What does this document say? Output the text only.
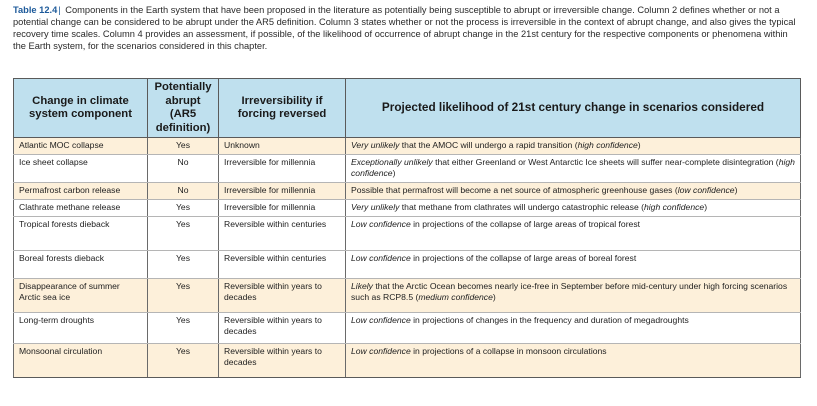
Table 12.4| Components in the Earth system that have been proposed in the literature as potentially being susceptible to abrupt or irreversible change. Column 2 defines whether or not a potential change can be considered to be abrupt under the AR5 definition. Column 3 states whether or not the process is irreversible in the context of abrupt change, and also gives the typical recovery time scales. Column 4 provides an assessment, if possible, of the likelihood of occurrence of abrupt change in the 21st century for the respective components or phenomena within the Earth system, for the scenarios considered in this chapter.
Change in climate system component	Potentially abrupt (AR5 definition)	Irreversibility if forcing reversed	Projected likelihood of 21st century change in scenarios considered
Atlantic MOC collapse	Yes	Unknown	Very unlikely that the AMOC will undergo a rapid transition (high confidence)
Ice sheet collapse	No	Irreversible for millennia	Exceptionally unlikely that either Greenland or West Antarctic Ice sheets will suffer near-complete disintegration (high confidence)
Permafrost carbon release	No	Irreversible for millennia	Possible that permafrost will become a net source of atmospheric greenhouse gases (low confidence)
Clathrate methane release	Yes	Irreversible for millennia	Very unlikely that methane from clathrates will undergo catastrophic release (high confidence)
Tropical forests dieback	Yes	Reversible within centuries	Low confidence in projections of the collapse of large areas of tropical forest
Boreal forests dieback	Yes	Reversible within centuries	Low confidence in projections of the collapse of large areas of boreal forest
Disappearance of summer Arctic sea ice	Yes	Reversible within years to decades	Likely that the Arctic Ocean becomes nearly ice-free in September before mid-century under high forcing scenarios such as RCP8.5 (medium confidence)
Long-term droughts	Yes	Reversible within years to decades	Low confidence in projections of changes in the frequency and duration of megadroughts
Monsoonal circulation	Yes	Reversible within years to decades	Low confidence in projections of a collapse in monsoon circulations
